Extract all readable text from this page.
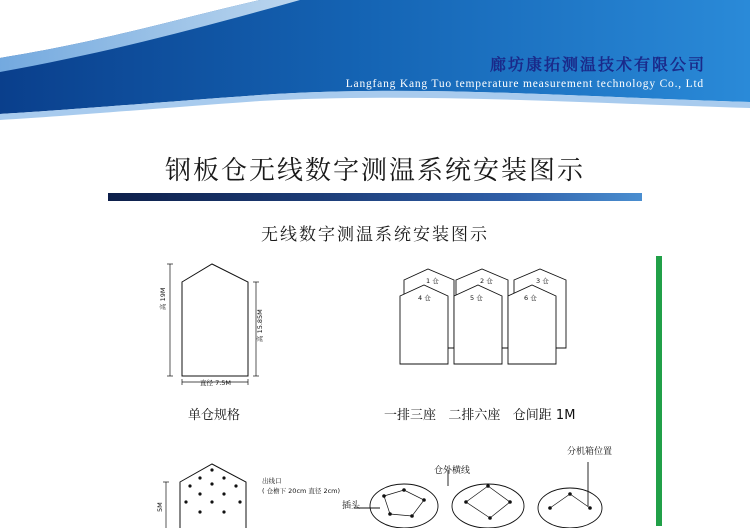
廊坊康拓测温技术有限公司
Langfang Kang Tuo temperature measurement technology Co., Ltd
钢板仓无线数字测温系统安装图示
无线数字测温系统安装图示
高 19M
高 15.85M
直径 7.5M
单仓规格
1 仓	2 仓	3 仓
4 仓	5 仓	6 仓
一排三座   二排六座   仓间距 1M
5M
出线口
( 仓檐下 20cm 直径 2cm)
仓外横线
分机箱位置
插头
